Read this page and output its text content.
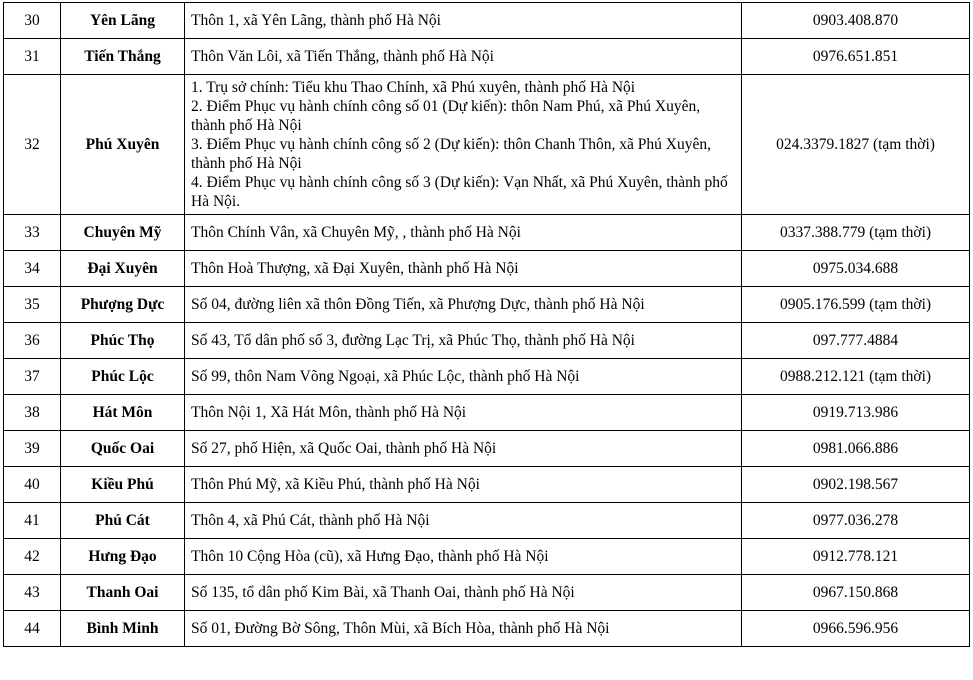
30	Yên Lãng	Thôn 1, xã Yên Lãng, thành phố Hà Nội	0903.408.870
31	Tiến Thắng	Thôn Văn Lôi, xã Tiến Thắng, thành phố Hà Nội	0976.651.851
32	Phú Xuyên	1. Trụ sở chính: Tiểu khu Thao Chính, xã Phú xuyên, thành phố Hà Nội
2. Điểm Phục vụ hành chính công số 01 (Dự kiến): thôn Nam Phú, xã Phú Xuyên, thành phố Hà Nội
3. Điểm Phục vụ hành chính công số 2 (Dự kiến): thôn Chanh Thôn, xã Phú Xuyên, thành phố Hà Nội
4. Điểm Phục vụ hành chính công số 3 (Dự kiến): Vạn Nhất, xã Phú Xuyên, thành phố Hà Nội.	024.3379.1827 (tạm thời)
33	Chuyên Mỹ	Thôn Chính Vân, xã Chuyên Mỹ, , thành phố Hà Nội	0337.388.779 (tạm thời)
34	Đại Xuyên	Thôn Hoà Thượng, xã Đại Xuyên, thành phố Hà Nội	0975.034.688
35	Phượng Dực	Số 04, đường liên xã thôn Đồng Tiến, xã Phượng Dực, thành phố Hà Nội	0905.176.599 (tạm thời)
36	Phúc Thọ	Số 43, Tổ dân phố số 3, đường Lạc Trị, xã Phúc Thọ, thành phố Hà Nội	097.777.4884
37	Phúc Lộc	Số 99, thôn Nam Võng Ngoại, xã Phúc Lộc, thành phố Hà Nội	0988.212.121 (tạm thời)
38	Hát Môn	Thôn Nội 1, Xã Hát Môn, thành phố Hà Nội	0919.713.986
39	Quốc Oai	Số 27, phố Hiện, xã Quốc Oai, thành phố Hà Nội	0981.066.886
40	Kiều Phú	Thôn Phú Mỹ, xã Kiều Phú, thành phố Hà Nội	0902.198.567
41	Phú Cát	Thôn 4, xã Phú Cát, thành phố Hà Nội	0977.036.278
42	Hưng Đạo	Thôn 10 Cộng Hòa (cũ), xã Hưng Đạo, thành phố Hà Nội	0912.778.121
43	Thanh Oai	Số 135, tổ dân phố Kim Bài, xã Thanh Oai, thành phố Hà Nội	0967.150.868
44	Bình Minh	Số 01, Đường Bờ Sông, Thôn Mùi, xã Bích Hòa, thành phố Hà Nội	0966.596.956
